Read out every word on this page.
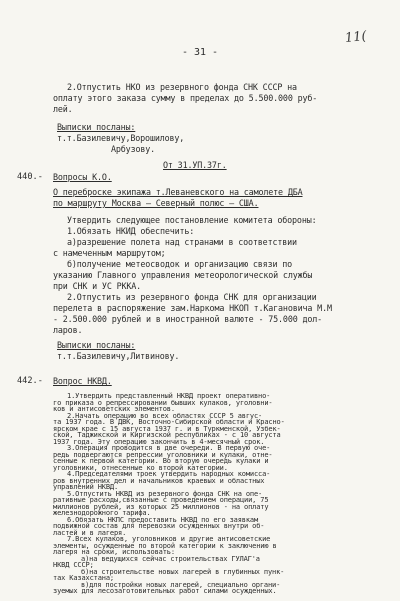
- 31 -
11(
2.Отпустить НКО из резервного фонда СНК СССР на
оплату этого заказа сумму в пределах до 5.500.000 руб-
лей.
Выписки посланы:
т.т.Базилевичу,Ворошилову,
Арбузову.
От 31.УП.37г.
440.- Вопросы К.О.
О переброске экипажа т.Леваневского на самолете ДБА
по маршруту Москва – Северный полюс – США.
Утвердить следующее постановление комитета обороны:
1.Обязать НКИД обеспечить:
а)разрешение полета над странами в соответствии
с намеченным маршрутом;
б)получение метеосводок и организацию связи по
указанию Главного управления метеорологической службы
при СНК и УС РККА.
2.Отпустить из резервного фонда СНК для организации
перелета в распоряжение зам.Наркома НКОП т.Кагановича М.М
- 2.500.000 рублей и в иностранной валюте - 75.000 дол-
ларов.
Выписки посланы:
т.т.Базилевичу,Литвинову.
442.- Вопрос НКВД.
1.Утвердить представленный НКВД проект оперативно-
го приказа о репрессировании бывших кулаков, уголовни-
ков и антисоветских элементов.
2.Начать операцию во всех областях СССР 5 авгус-
та 1937 года. В ДВК, Восточно-Сибирской области и Красно-
ярском крае с 15 августа 1937 г. и в Туркменской, Узбек-
ской, Таджикской и Киргизской республиках - с 10 августа
1937 года. Эту операцию закончить в 4-месячный срок.
3.Операция проводится в две очереди. В первую оче-
редь подвергаются репрессии уголовники и кулаки, отне-
сенные к первой категории. Во вторую очередь кулаки и
уголовники, отнесенные ко второй категории.
4.Председателями троек утвердить народных комисса-
ров внутренних дел и начальников краевых и областных
управлений НКВД.
5.Отпустить НКВД из резервного фонда СНК на опе-
ративные расходы,связанные с проведением операции, 75
миллионов рублей, из которых 25 миллионов - на оплату
железнодорожного тарифа.
6.Обязать НКПС предоставить НКВД по его заявкам
подвижной состав для перевозки осужденных внутри об-
ластей и в лагеря.
7.Всех кулаков, уголовников и другие антисоветские
элементы, осужденные по второй категории к заключению в
лагеря на сроки, использовать:
а)на ведущихся сейчас строительствах ГУЛАГ'а
НКВД СССР;
б)на строительстве новых лагерей в глубинных пунк-
тах Казахстана;
в)для постройки новых лагерей, специально органи-
зуемых для лесозаготовительных работ силами осужденных.
